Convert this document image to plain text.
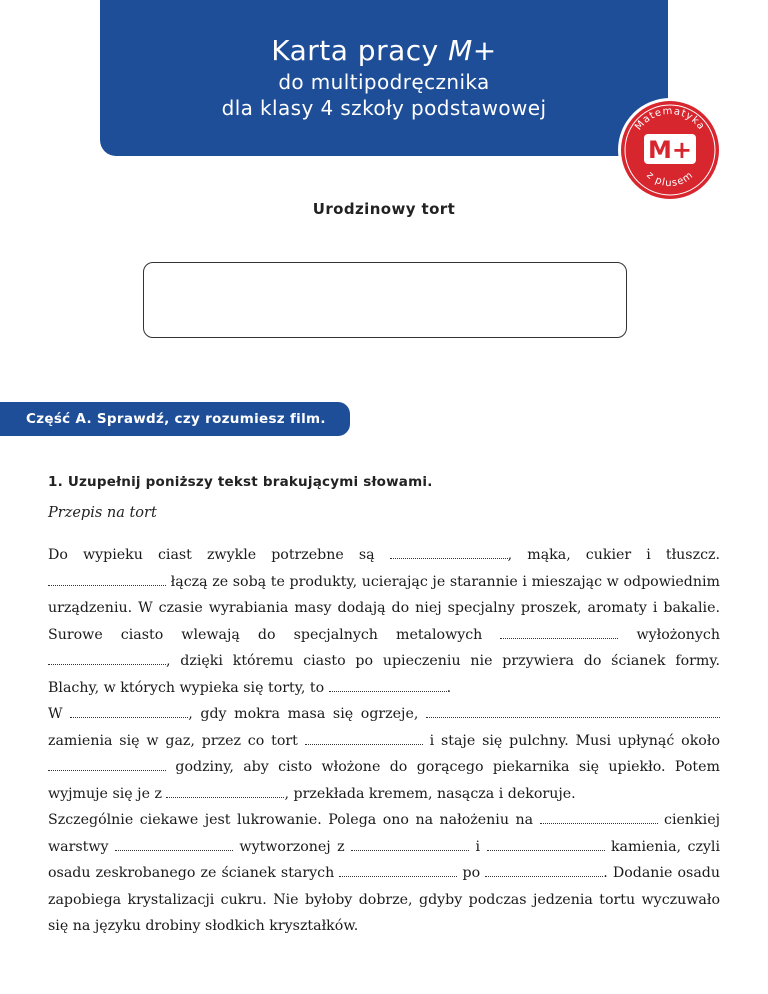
Karta pracy M+
do multipodręcznika
dla klasy 4 szkoły podstawowej
Matematyka
z plusem
M+
Urodzinowy tort
Część A. Sprawdź, czy rozumiesz film.
1. Uzupełnij poniższy tekst brakującymi słowami.
Przepis na tort

Do wypieku ciast zwykle potrzebne są	, mąka, cukier i tłuszcz.  łączą ze sobą te produkty, ucierając je starannie i mieszając w odpowiednim urządzeniu. W czasie wyrabiania masy dodają do niej specjalny proszek, aromaty i bakalie. Surowe ciasto wlewają do specjalnych metalowych	wyłożonych , dzięki któremu ciasto po upieczeniu nie przywiera do ścianek formy. Blachy, w których wypieka się torty, to	.

W	, gdy mokra masa się ogrzeje,  zamienia się w gaz, przez co tort	i staje się pulchny. Musi upłynąć około  godziny, aby cisto włożone do gorącego piekarnika się upiekło. Potem wyjmuje się je z	, przekłada kremem, nasącza i dekoruje.

Szczególnie ciekawe jest lukrowanie. Polega ono na nałożeniu na	cienkiej warstwy	wytworzonej z	i	kamienia, czyli osadu zeskrobanego ze ścianek starych	po	. Dodanie osadu zapobiega krystalizacji cukru. Nie byłoby dobrze, gdyby podczas jedzenia tortu wyczuwało się na języku drobiny słodkich kryształków.
